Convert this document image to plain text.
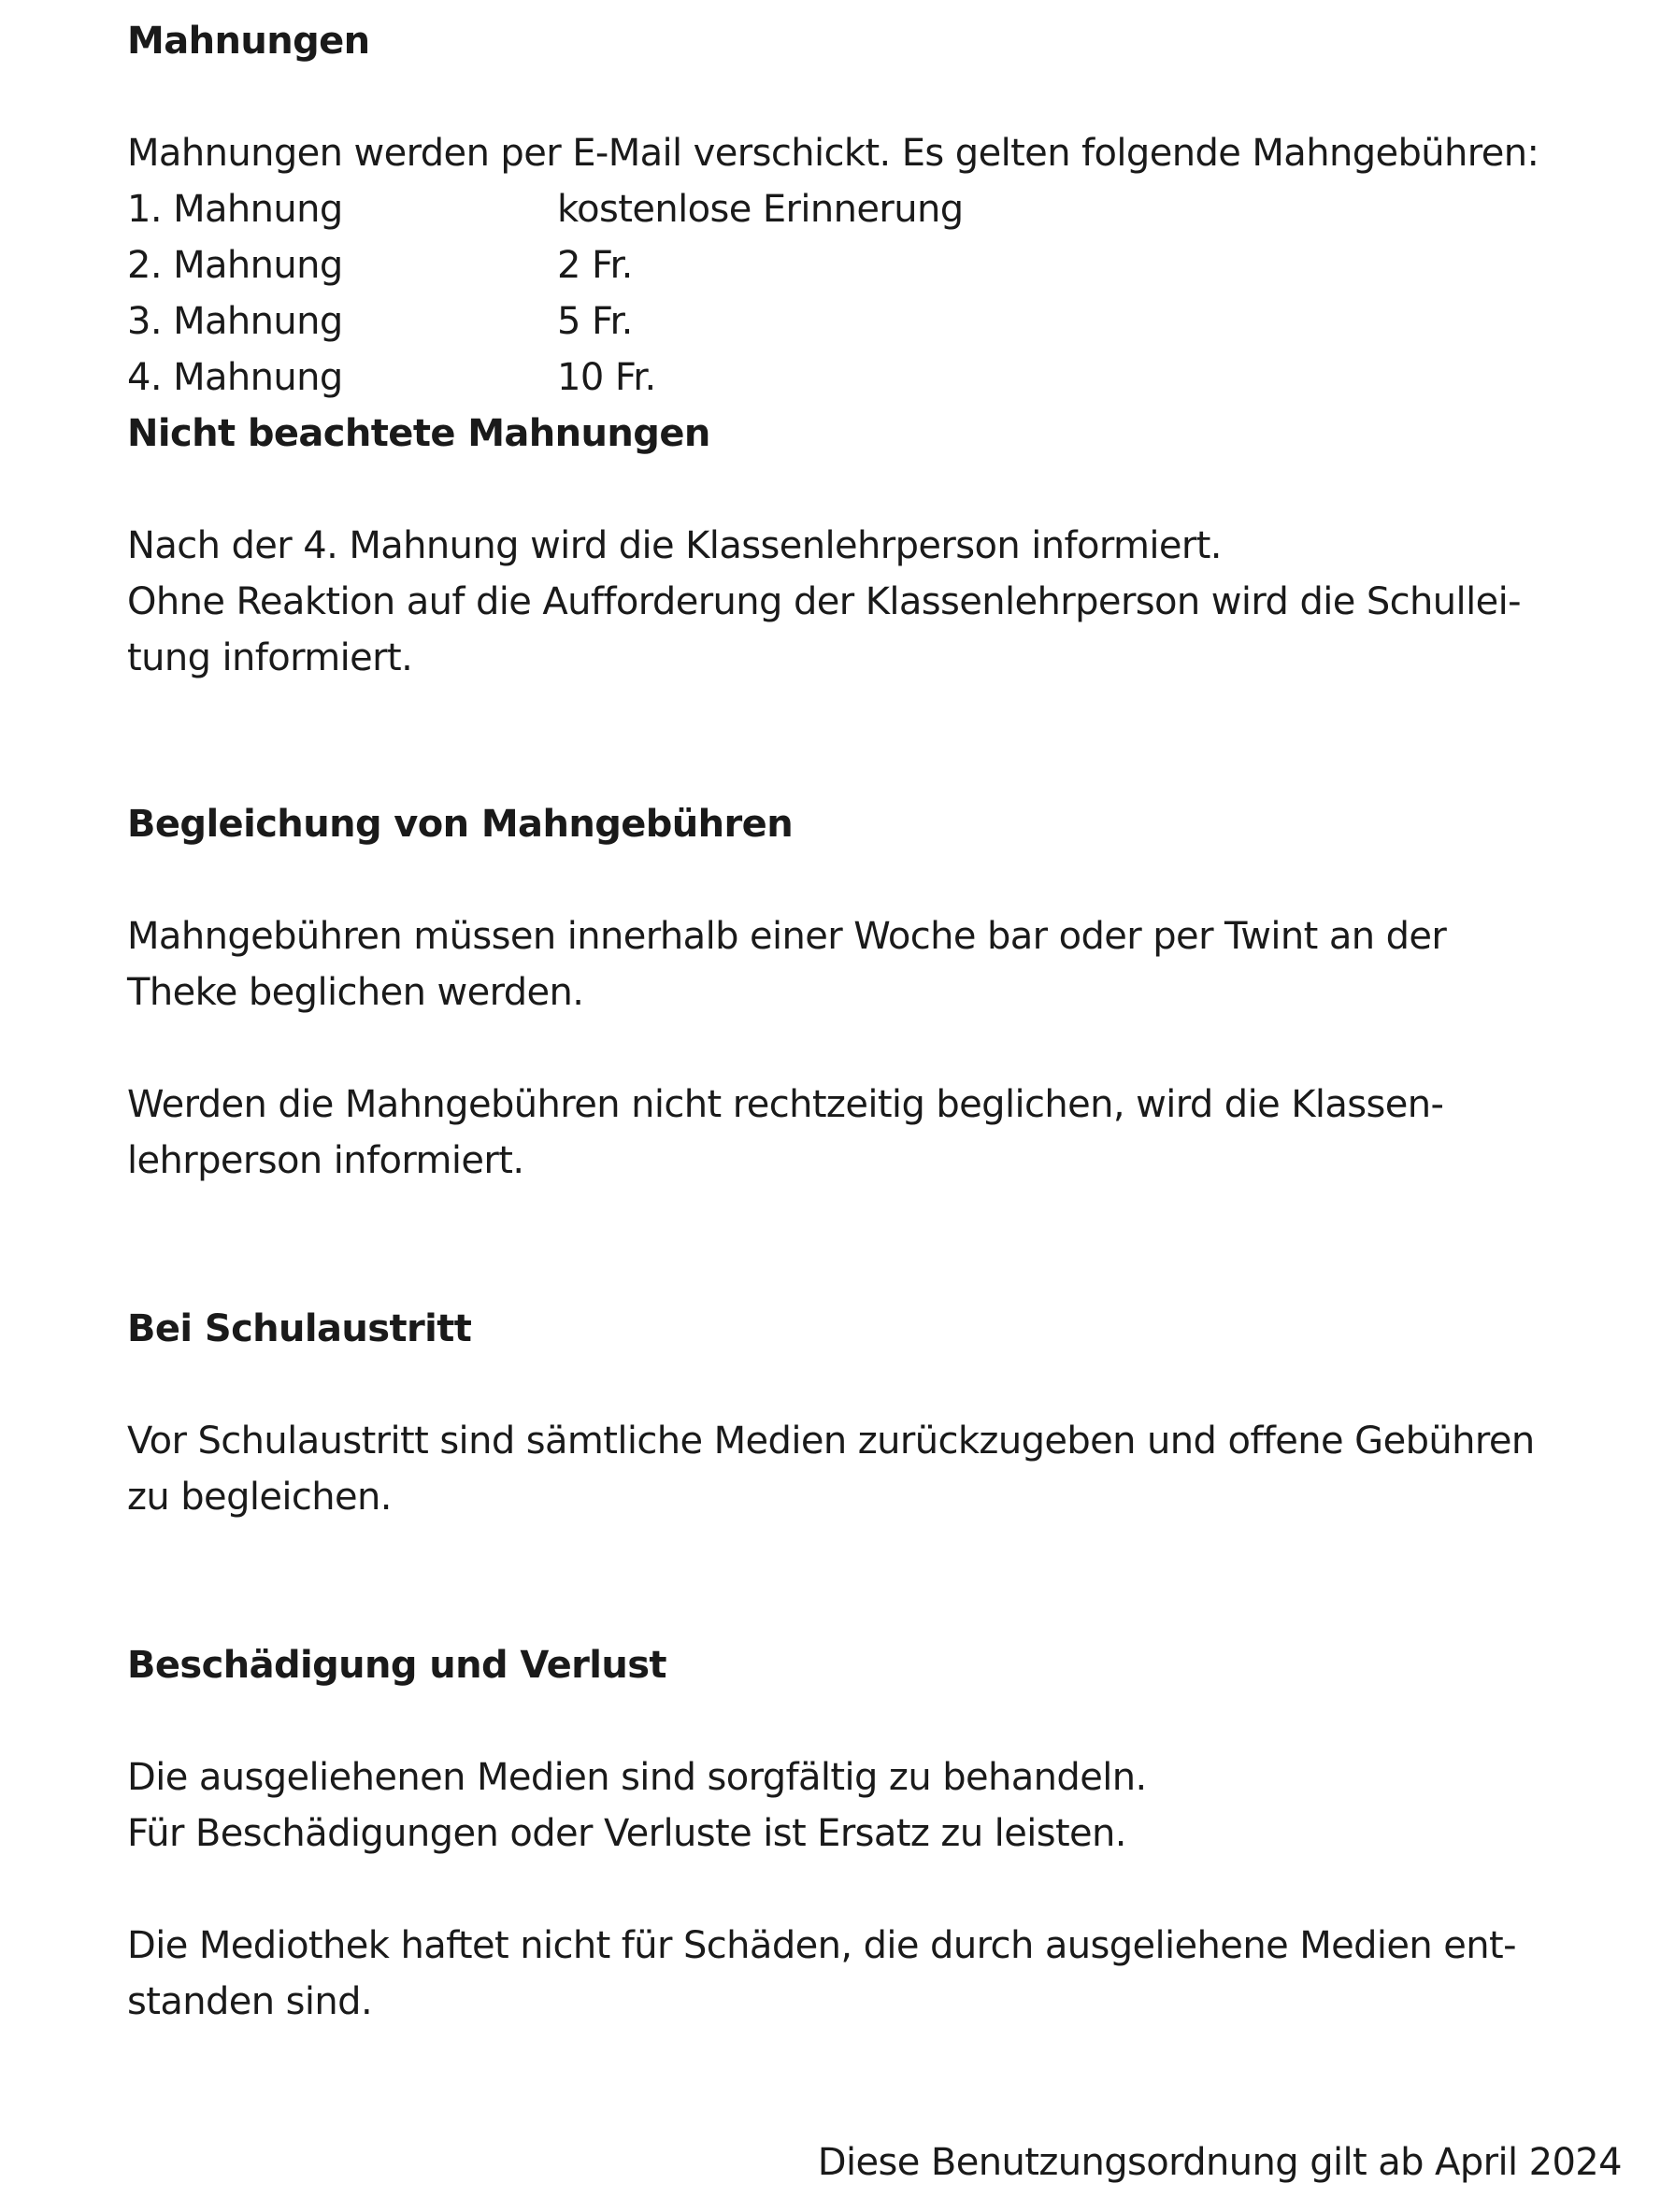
Mahnungen

Mahnungen werden per E-Mail verschickt. Es gelten folgende Mahngebühren:

1. Mahnung	kostenlose Erinnerung
2. Mahnung	2 Fr.
3. Mahnung	5 Fr.
4. Mahnung	10 Fr.

Nicht beachtete Mahnungen

Nach der 4. Mahnung wird die Klassenlehrperson informiert.

Ohne Reaktion auf die Aufforderung der Klassenlehrperson wird die Schullei-

tung informiert.

Begleichung von Mahngebühren

Mahngebühren müssen innerhalb einer Woche bar oder per Twint an der

Theke beglichen werden.

Werden die Mahngebühren nicht rechtzeitig beglichen, wird die Klassen-

lehrperson informiert.

Bei Schulaustritt

Vor Schulaustritt sind sämtliche Medien zurückzugeben und offene Gebühren

zu begleichen.

Beschädigung und Verlust

Die ausgeliehenen Medien sind sorgfältig zu behandeln.

Für Beschädigungen oder Verluste ist Ersatz zu leisten.

Die Mediothek haftet nicht für Schäden, die durch ausgeliehene Medien ent-

standen sind.

Diese Benutzungsordnung gilt ab April 2024
